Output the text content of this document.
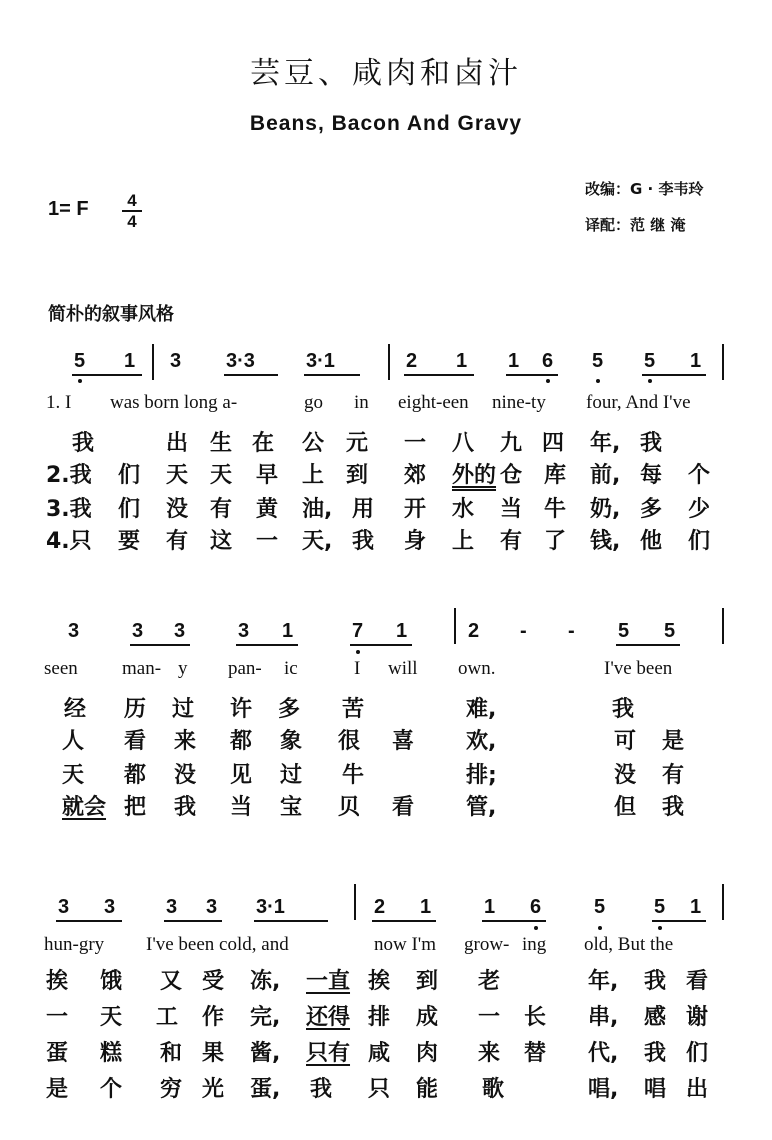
芸豆、咸肉和卤汁
Beans, Bacon And Gravy
1= F	4
4
改编：G · 李韦玲
译配：范 继 淹
简朴的叙事风格
5 1 3 3·3	3·1	2 1 1 6 5 5 1
1. I was born long a-	go in eight-een nine-ty four, And I've
我	出 生 在 公 元 一 八 九 四 年, 我
2.我 们 天 天 早 上 到 郊 外的 仓 库 前, 每 个
3.我 们 没 有 黄 油, 用 开 水 当 牛 奶, 多 少
4.只 要 有 这 一 天, 我 身 上 有 了 钱, 他 们
3	3 3	3 1	7 1	2 - - 5 5
seen man- y pan- ic	I will own.	I've been
经 历 过 许 多 苦	难,	我
人 看 来 都 象 很 喜 欢,	可 是
天 都 没 见 过 牛	排;	没 有
就会 把 我 当 宝 贝 看 管,	但 我
3 3	3 3 3·1	2 1	1 6	5 5 1
hun-gry I've been cold, and	now I'm grow- ing old, But the
挨 饿 又 受 冻, 一直 挨 到 老	年, 我 看
一 天 工 作 完, 还得 排 成 一 长 串, 感 谢
蛋 糕 和 果 酱, 只有 咸 肉 来 替 代, 我 们
是 个 穷 光 蛋, 我 只 能 歌	唱, 唱 出
